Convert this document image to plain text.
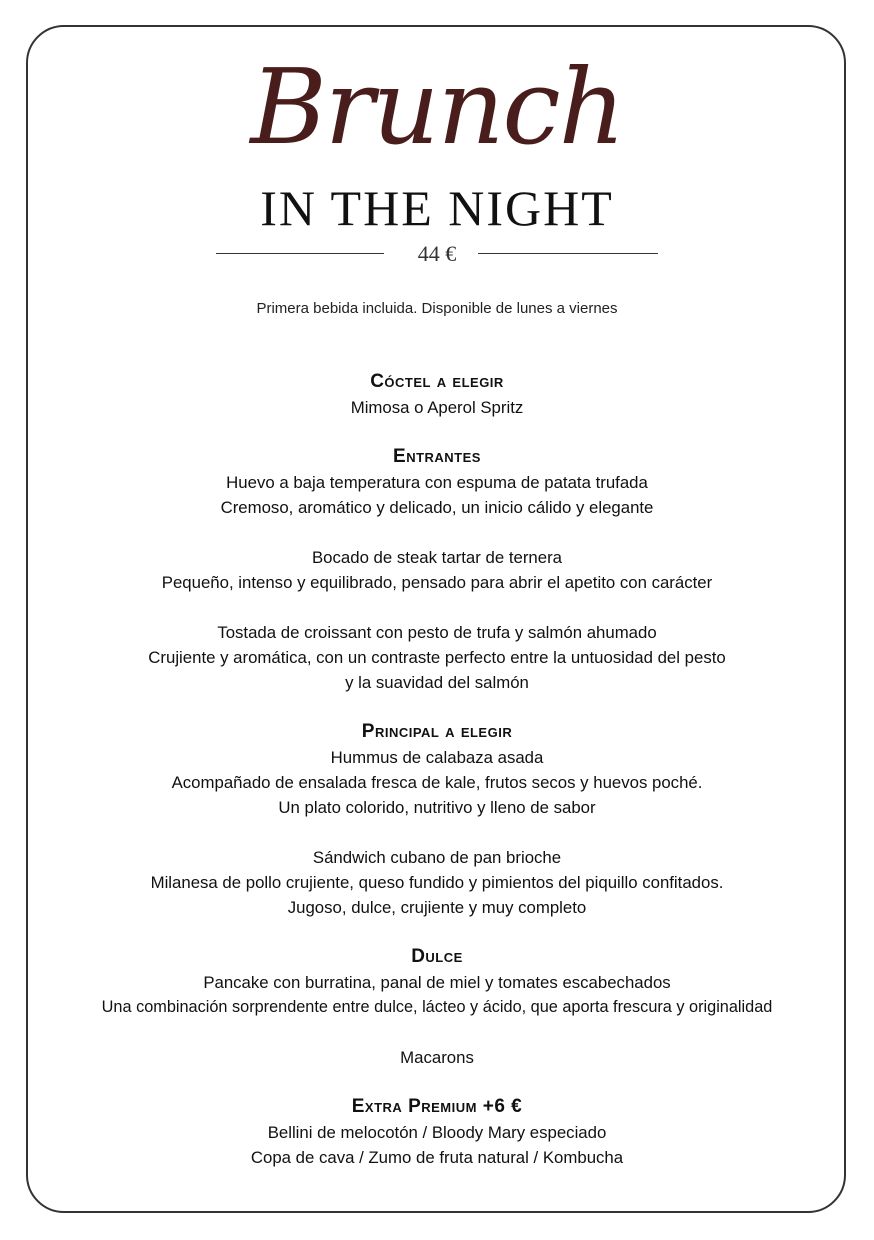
Brunch
IN THE NIGHT
44 €
Primera bebida incluida. Disponible de lunes a viernes
Cóctel a elegir
Mimosa o Aperol Spritz
Entrantes
Huevo a baja temperatura con espuma de patata trufada
Cremoso, aromático y delicado, un inicio cálido y elegante
Bocado de steak tartar de ternera
Pequeño, intenso y equilibrado, pensado para abrir el apetito con carácter
Tostada de croissant con pesto de trufa y salmón ahumado
Crujiente y aromática, con un contraste perfecto entre la untuosidad del pesto
y la suavidad del salmón
Principal a elegir
Hummus de calabaza asada
Acompañado de ensalada fresca de kale, frutos secos y huevos poché.
Un plato colorido, nutritivo y lleno de sabor
Sándwich cubano de pan brioche
Milanesa de pollo crujiente, queso fundido y pimientos del piquillo confitados.
Jugoso, dulce, crujiente y muy completo
Dulce
Pancake con burratina, panal de miel y tomates escabechados
Una combinación sorprendente entre dulce, lácteo y ácido, que aporta frescura y originalidad
Macarons
Extra Premium +6 €
Bellini de melocotón / Bloody Mary especiado
Copa de cava / Zumo de fruta natural / Kombucha
